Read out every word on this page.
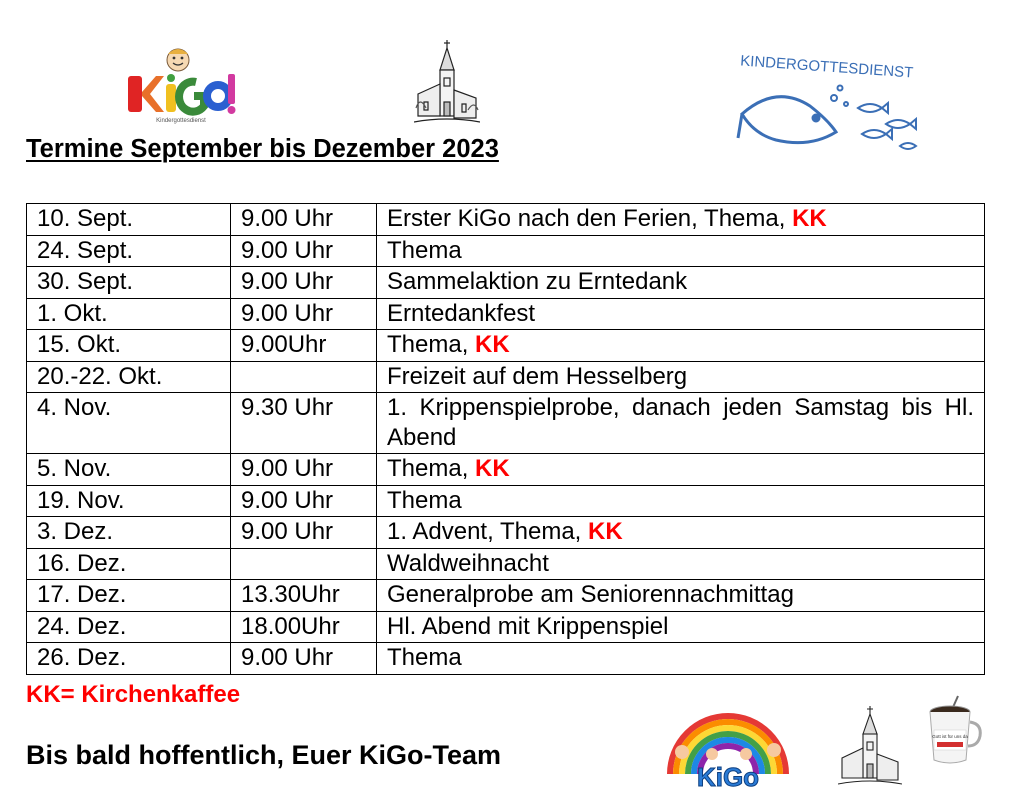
Kindergottesdienst
KINDERGOTTESDIENST
Termine September bis Dezember 2023
10. Sept.	9.00 Uhr	Erster KiGo nach den Ferien, Thema, KK
24. Sept.	9.00 Uhr	Thema
30. Sept.	9.00 Uhr	Sammelaktion zu Erntedank
1. Okt.	9.00 Uhr	Erntedankfest
15. Okt.	9.00Uhr	Thema, KK
20.-22. Okt.		Freizeit auf dem Hesselberg
4. Nov.	9.30 Uhr	1. Krippenspielprobe, danach jeden Samstag bis Hl. Abend
5. Nov.	9.00 Uhr	Thema, KK
19. Nov.	9.00 Uhr	Thema
3. Dez.	9.00 Uhr	1. Advent, Thema, KK
16. Dez.		Waldweihnacht
17. Dez.	13.30Uhr	Generalprobe am Seniorennachmittag
24. Dez.	18.00Uhr	Hl. Abend mit Krippenspiel
26. Dez.	9.00 Uhr	Thema
KK= Kirchenkaffee
Bis bald hoffentlich, Euer KiGo-Team
KiGo
Gott ist für uns da
